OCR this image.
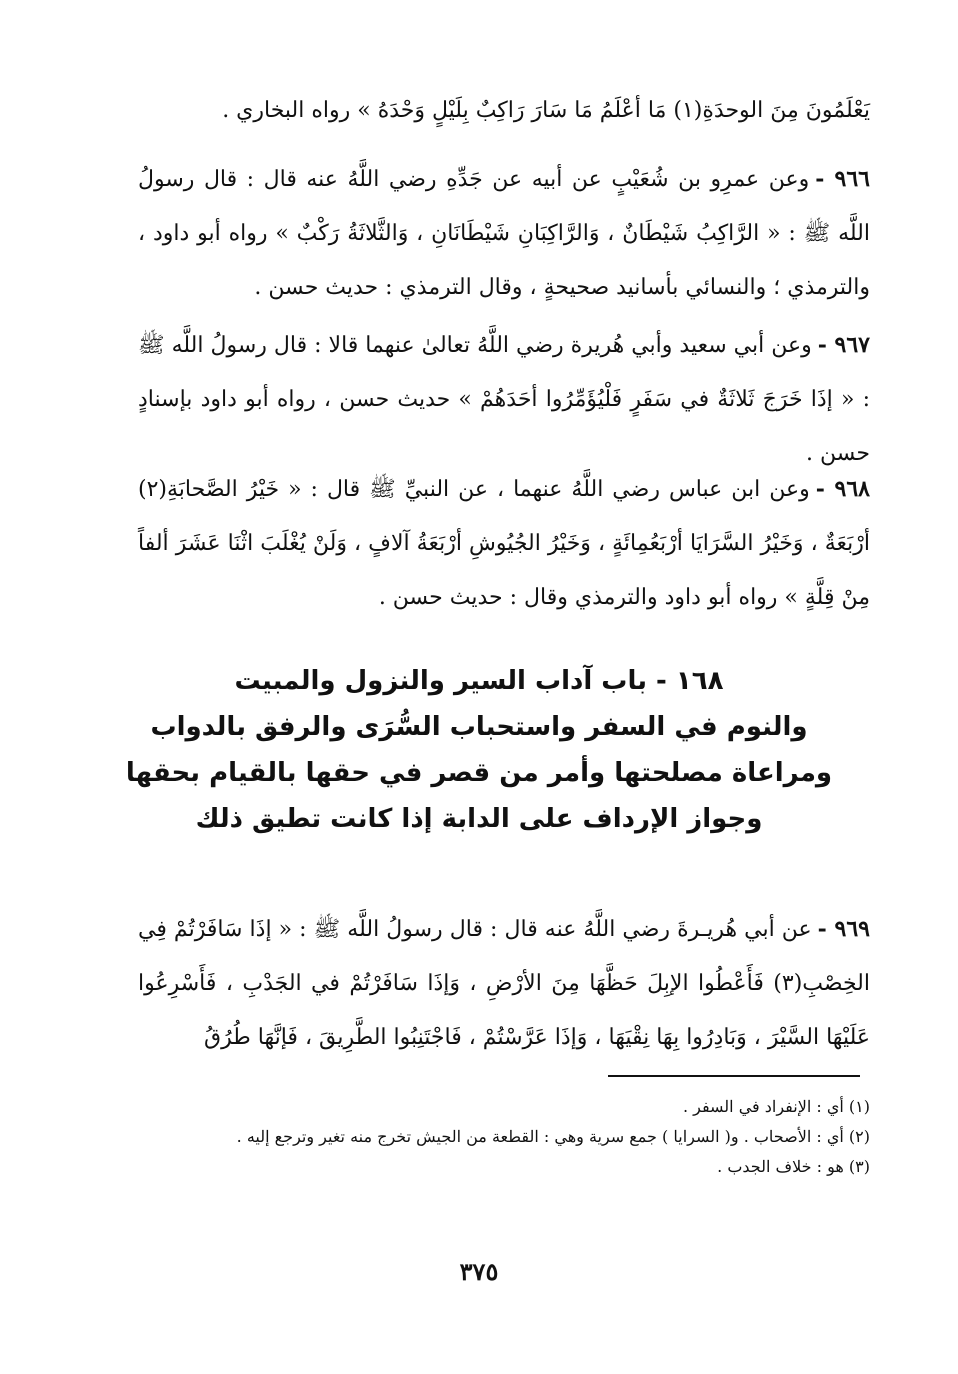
يَعْلَمُونَ مِنَ الوحدَةِ(١) مَا أعْلَمُ مَا سَارَ رَاكِبٌ بِلَيْلٍ وَحْدَهُ » رواه البخاري .

٩٦٦ -وعن عمرِو بن شُعَيْبٍ عن أبيه عن جَدِّهِ رضي اللَّهُ عنه قال : قال رسولُ اللَّه ﷺ : « الرَّاكِبُ شَيْطَانٌ ، وَالرَّاكِبَانِ شَيْطَانَانِ ، وَالثَّلاثَةُ رَكْبٌ » رواه أبو داود ، والترمذي ؛ والنسائي بأسانيد صحيحةٍ ، وقال الترمذي : حديث حسن .

٩٦٧ -وعن أبي سعيد وأبي هُريرة رضي اللَّهُ تعالىٰ عنهما قالا : قال رسولُ اللَّه ﷺ : « إذَا خَرَجَ ثَلاثَةٌ في سَفَرٍ فَلْيُؤَمِّرُوا أحَدَهُمْ » حديث حسن ، رواه أبو داود بإسنادٍ حسن .

٩٦٨ -وعن ابن عباس رضي اللَّهُ عنهما ، عن النبيِّ ﷺ قال : « خَيْرُ الصَّحابَةِ(٢) أرْبَعَةٌ ، وَخَيْرُ السَّرَايَا أرْبَعُمِائَةٍ ، وَخَيْرُ الجُيُوشِ أرْبَعَةُ آلافٍ ، وَلَنْ يُغْلَبَ اثْنَا عَشَرَ ألفاً مِنْ قِلَّةٍ » رواه أبو داود والترمذي وقال : حديث حسن .

١٦٨ - باب آداب السير والنزول والمبيت
والنوم في السفر واستحباب السُّرَى والرفق بالدواب
ومراعاة مصلحتها وأمر من قصر في حقها بالقيام بحقها
وجواز الإرداف على الدابة إذا كانت تطيق ذلك

٩٦٩ -عن أبي هُريـرةَ رضي اللَّهُ عنه قال : قال رسولُ اللَّه ﷺ : « إذَا سَافَرْتُمْ فِي الخِصْبِ(٣) فَأَعْطُوا الإبِلَ حَظَّهَا مِنَ الأرْضِ ، وَإذَا سَافَرْتُمْ في الجَدْبِ ، فَأَسْرِعُوا عَلَيْهَا السَّيْرَ ، وَبَادِرُوا بِهَا نِقْيَهَا ، وَإذَا عَرَّسْتُمْ ، فَاجْتَنِبُوا الطَّرِيقَ ، فَإنَّهَا طُرُقُ

(١) أي : الإنفراد في السفر .

(٢) أي : الأصحاب . و( السرايا ) جمع سرية وهي : القطعة من الجيش تخرج منه تغير وترجع إليه .

(٣) هو : خلاف الجدب .

٣٧٥
